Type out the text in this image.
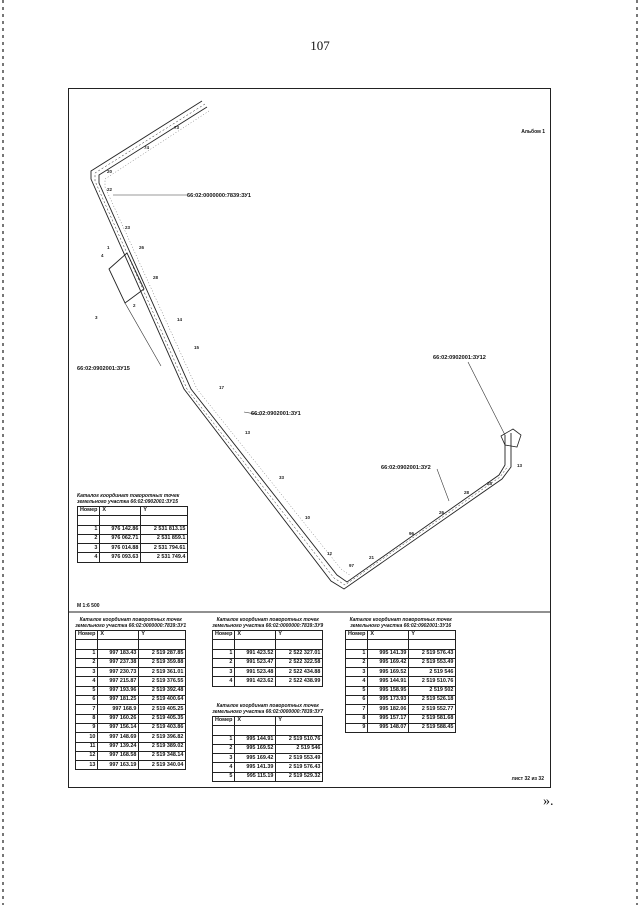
107
73
74
20
22
23
26
28
14
15
17
13
33
10
12
97
21
96
26
28
25
13
4
1
2
3
66:02:0000000:7839:ЗУ1
66:02:0902001:ЗУ15
66:02:0902001:ЗУ1
66:02:0902001:ЗУ12
66:02:0902001:ЗУ2
Альбом 1
Каталог координат поворотных точек
земельного участка 66:02:0902001:ЗУ15
Номер	X	Y

1	976 142.86	2 531 813.15
2	976 062.71	2 531 859.1
3	976 014.88	2 531 794.61
4	976 093.63	2 531 749.4
М 1:6 500
Каталог координат поворотных точек
земельного участка 66:02:0000000:7839:ЗУ1
Номер	X	Y

1	997 183.43	2 519 287.85
2	997 237.38	2 519 359.88
3	997 230.73	2 519 361.01
4	997 215.87	2 519 376.55
5	997 193.96	2 519 392.48
6	997 181.25	2 519 400.64
7	997 168.9	2 519 405.25
8	997 160.26	2 519 405.35
9	997 156.14	2 519 403.86
10	997 148.69	2 519 396.82
11	997 139.24	2 519 389.02
12	997 168.58	2 519 348.14
13	997 163.19	2 519 340.04
Каталог координат поворотных точек
земельного участка 66:02:0000000:7839:ЗУ9
Номер	X	Y

1	991 423.52	2 522 327.01
2	991 523.47	2 522 322.58
3	991 523.48	2 522 434.88
4	991 423.62	2 522 438.99
Каталог координат поворотных точек
земельного участка 66:02:0000000:7839:ЗУ7
Номер	X	Y

1	995 144.91	2 519 510.76
2	995 169.52	2 519 546
3	995 169.42	2 519 553.49
4	995 141.39	2 519 576.43
5	995 115.19	2 519 529.32
Каталог координат поворотных точек
земельного участка 66:02:0902001:ЗУ16
Номер	X	Y

1	995 141.39	2 519 576.43
2	995 169.42	2 519 553.49
3	995 169.52	2 519 546
4	995 144.91	2 519 510.76
5	995 158.95	2 519 502
6	995 173.93	2 519 526.18
7	995 182.06	2 519 552.77
8	995 157.17	2 519 581.68
9	995 148.07	2 519 588.45
лист 32 из 32
».
